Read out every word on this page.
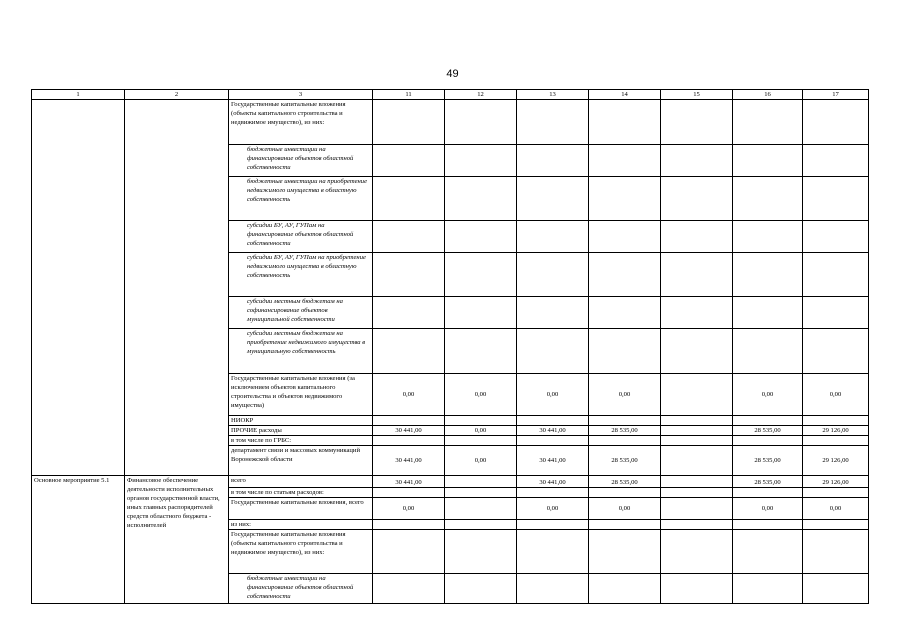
49
1	2	3	11	12	13	14	15	16	17
		Государственные капитальные вложения (объекты капитального строительства и недвижимое имущество), из них:							
		бюджетные инвестиции на финансирование объектов областной собственности							
		бюджетные инвестиции на приобретение недвижимого имущества в областную собственность							
		субсидии БУ, АУ, ГУПам на финансирование объектов областной собственности							
		субсидии БУ, АУ, ГУПам на приобретение недвижимого имущества в областную собственность							
		субсидии местным бюджетам на софинансирование объектов муниципальной собственности							
		субсидии местным бюджетам на приобретение недвижимого имущества в муниципальную собственность							
		Государственные капитальные вложения (за исключением объектов капитального строительства и объектов недвижимого имущества)	0,00	0,00	0,00	0,00		0,00	0,00
		НИОКР							
		ПРОЧИЕ расходы	30 441,00	0,00	30 441,00	28 535,00		28 535,00	29 126,00
		в том числе по ГРБС:							
		департамент связи и массовых коммуникаций Воронежской области	30 441,00	0,00	30 441,00	28 535,00		28 535,00	29 126,00
Основное мероприятие 5.1	Финансовое обеспечение деятельности исполнительных органов государственной власти, иных главных распорядителей средств областного бюджета - исполнителей	всего	30 441,00		30 441,00	28 535,00		28 535,00	29 126,00
		в том числе по статьям расходов:							
		Государственные капитальные вложения, всего	0,00		0,00	0,00		0,00	0,00
		из них:							
		Государственные капитальные вложения (объекты капитального строительства и недвижимое имущество), из них:							
		бюджетные инвестиции на финансирование объектов областной собственности							
